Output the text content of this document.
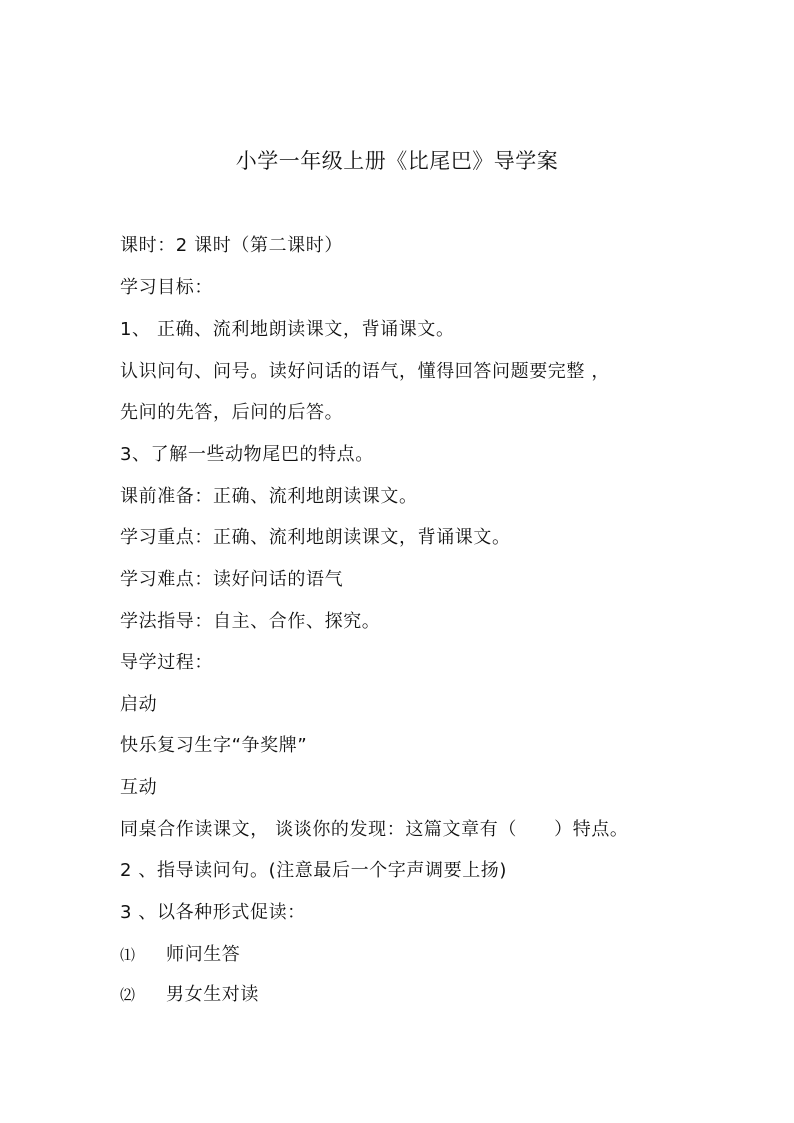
小学一年级上册《比尾巴》导学案
课时：2 课时（第二课时）
学习目标：
1、 正确、流利地朗读课文，背诵课文。
认识问句、问号。读好问话的语气，懂得回答问题要完整 ，
先问的先答，后问的后答。
3、了解一些动物尾巴的特点。
课前准备：正确、流利地朗读课文。
学习重点：正确、流利地朗读课文，背诵课文。
学习难点：读好问话的语气
学法指导：自主、合作、探究。
导学过程：
启动
快乐复习生字“争奖牌”
互动
同桌合作读课文， 谈谈你的发现：这篇文章有（　　）特点。
2 、指导读问句。(注意最后一个字声调要上扬)
3 、以各种形式促读：
⑴ 师问生答
⑵ 男女生对读
